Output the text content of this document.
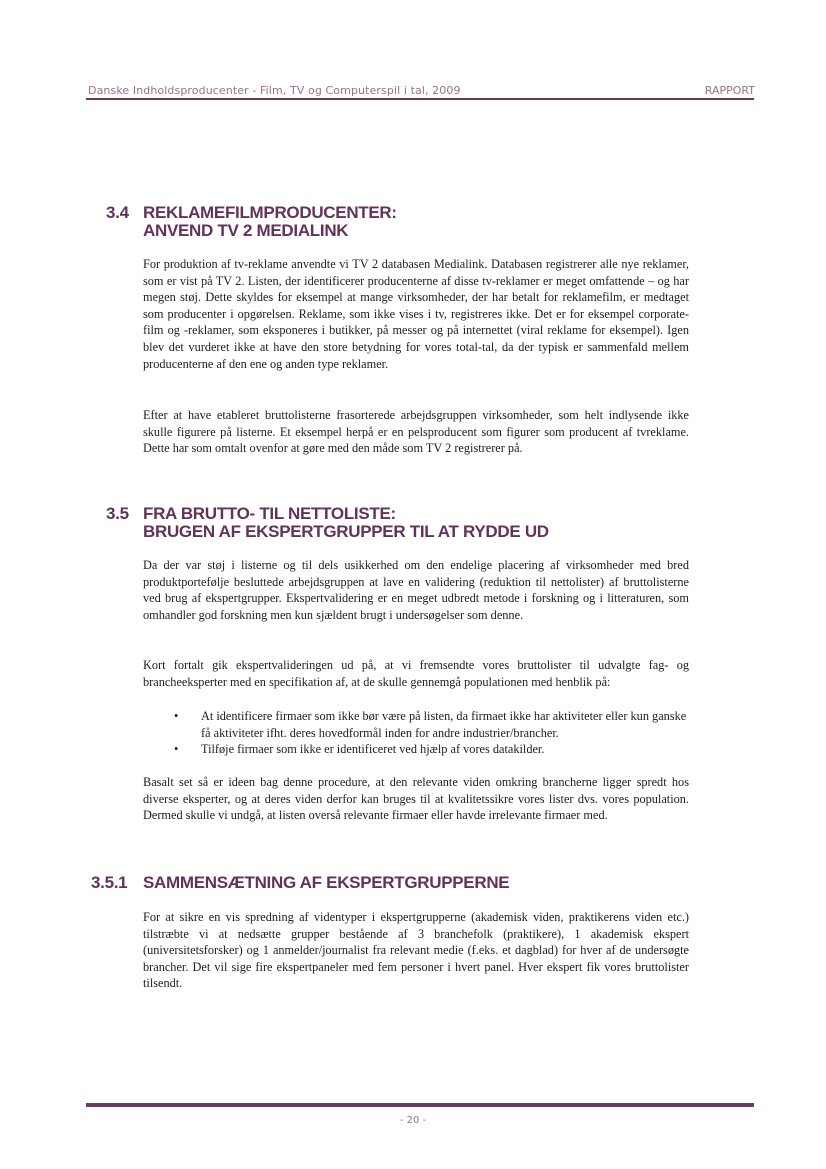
Danske Indholdsproducenter - Film, TV og Computerspil i tal, 2009	RAPPORT
3.4 REKLAMEFILMPRODUCENTER:
ANVEND TV 2 MEDIALINK
For produktion af tv-reklame anvendte vi TV 2 databasen Medialink. Databasen registrerer alle nye reklamer, som er vist på TV 2. Listen, der identificerer producenterne af disse tv-reklamer er meget omfattende – og har megen støj. Dette skyldes for eksempel at mange virksomheder, der har betalt for reklamefilm, er medtaget som producenter i opgørelsen. Reklame, som ikke vises i tv, registreres ikke. Det er for eksempel corporate-film og -reklamer, som eksponeres i butikker, på messer og på internettet (viral reklame for eksempel). Igen blev det vurderet ikke at have den store betydning for vores total-tal, da der typisk er sammenfald mellem producenterne af den ene og anden type reklamer.
Efter at have etableret bruttolisterne frasorterede arbejdsgruppen virksomheder, som helt indlysende ikke skulle figurere på listerne. Et eksempel herpå er en pelsproducent som figurer som producent af tvreklame. Dette har som omtalt ovenfor at gøre med den måde som TV 2 registrerer på.
3.5 FRA BRUTTO- TIL NETTOLISTE:
BRUGEN AF EKSPERTGRUPPER TIL AT RYDDE UD
Da der var støj i listerne og til dels usikkerhed om den endelige placering af virksomheder med bred produktportefølje besluttede arbejdsgruppen at lave en validering (reduktion til nettolister) af bruttolisterne ved brug af ekspertgrupper. Ekspertvalidering er en meget udbredt metode i forskning og i litteraturen, som omhandler god forskning men kun sjældent brugt i undersøgelser som denne.
Kort fortalt gik ekspertvalideringen ud på, at vi fremsendte vores bruttolister til udvalgte fag- og brancheeksperter med en specifikation af, at de skulle gennemgå populationen med henblik på:
• At identificere firmaer som ikke bør være på listen, da firmaet ikke har aktiviteter eller kun ganske få aktiviteter ifht. deres hovedformål inden for andre industrier/brancher.
• Tilføje firmaer som ikke er identificeret ved hjælp af vores datakilder.
Basalt set så er ideen bag denne procedure, at den relevante viden omkring brancherne ligger spredt hos diverse eksperter, og at deres viden derfor kan bruges til at kvalitetssikre vores lister dvs. vores population. Dermed skulle vi undgå, at listen overså relevante firmaer eller havde irrelevante firmaer med.
3.5.1 SAMMENSÆTNING AF EKSPERTGRUPPERNE
For at sikre en vis spredning af videntyper i ekspertgrupperne (akademisk viden, praktikerens viden etc.) tilstræbte vi at nedsætte grupper bestående af 3 branchefolk (praktikere), 1 akademisk ekspert (universitetsforsker) og 1 anmelder/journalist fra relevant medie (f.eks. et dagblad) for hver af de undersøgte brancher. Det vil sige fire ekspertpaneler med fem personer i hvert panel. Hver ekspert fik vores bruttolister tilsendt.
- 20 -
